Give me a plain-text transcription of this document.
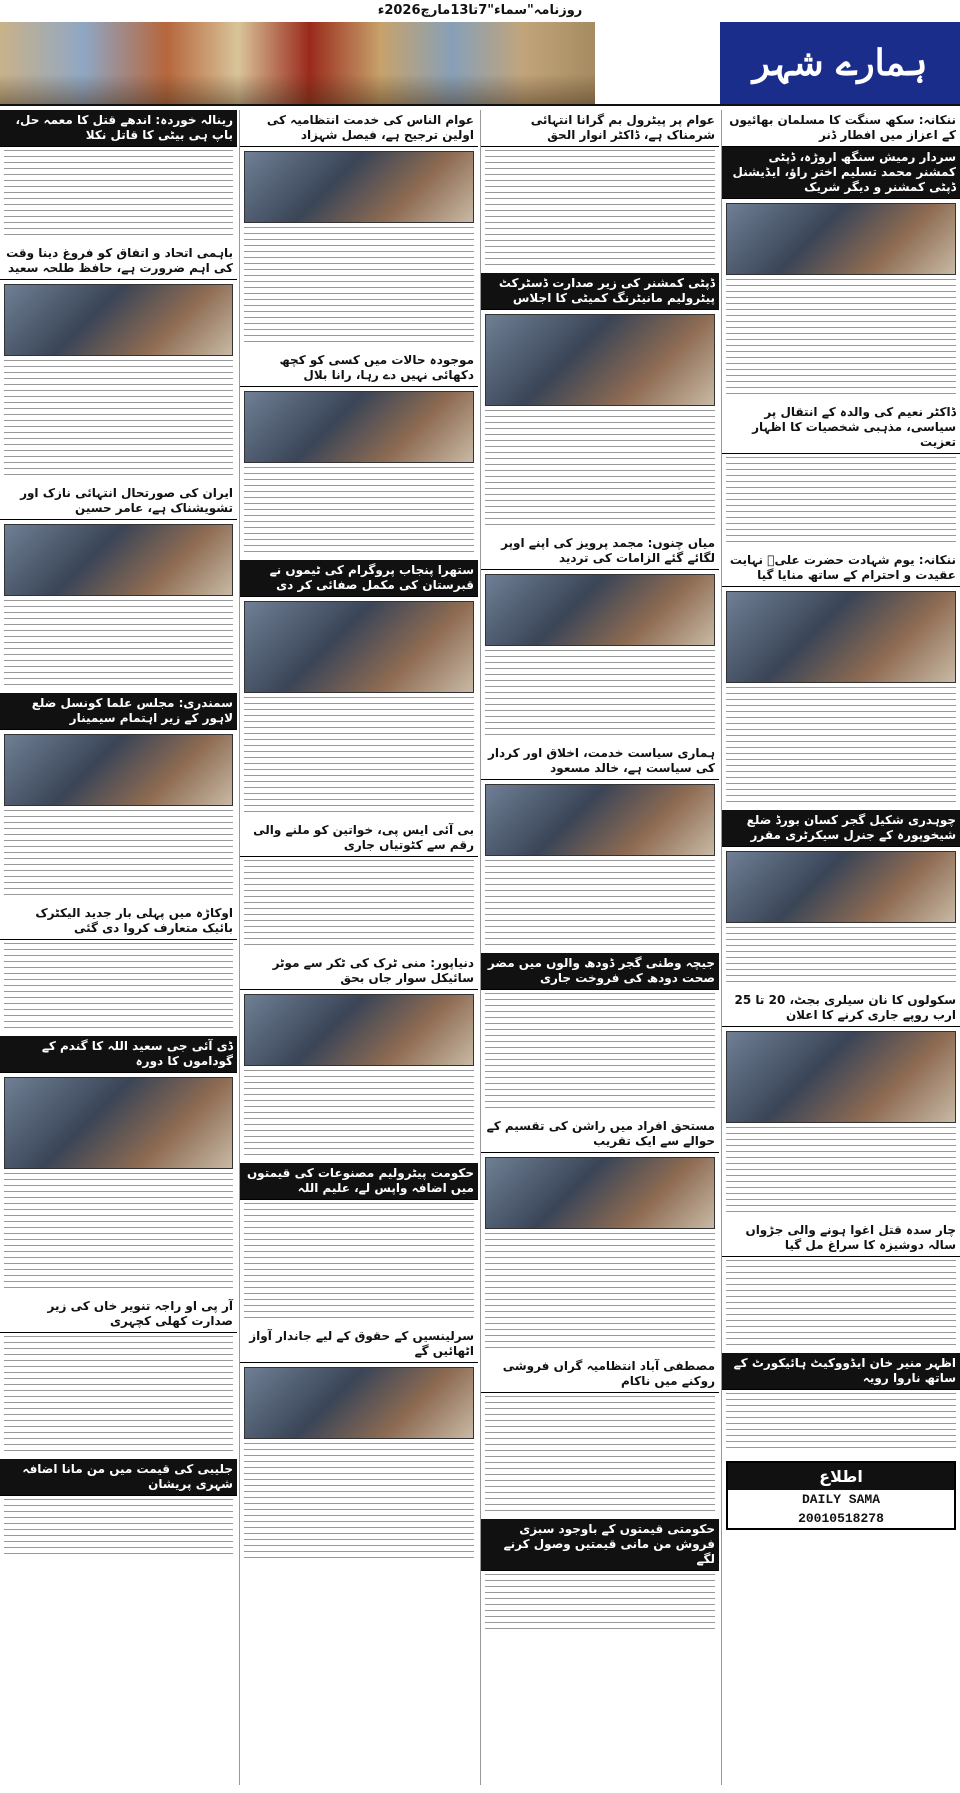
روزنامہ"سماء"7تا13مارچ2026ء
ہمارے شہر
ننکانہ: سکھ سنگت کا مسلمان بھائیوں کے اعزاز میں افطار ڈنر
سردار رمیش سنگھ اروڑہ، ڈپٹی کمشنر محمد تسلیم اختر راؤ، ایڈیشنل ڈپٹی کمشنر و دیگر شریک
ڈاکٹر نعیم کی والدہ کے انتقال پر سیاسی، مذہبی شخصیات کا اظہار تعزیت
ننکانہ: یوم شہادت حضرت علیؓ نہایت عقیدت و احترام کے ساتھ منایا گیا
چوہدری شکیل گجر کسان بورڈ ضلع شیخوپورہ کے جنرل سیکرٹری مقرر
سکولوں کا نان سیلری بجٹ، 20 تا 25 ارب روپے جاری کرنے کا اعلان
چار سدہ قتل اغوا ہونے والی جڑواں سالہ دوشیزہ کا سراغ مل گیا
اظہر منیر خان ایڈووکیٹ ہائیکورٹ کے ساتھ ناروا رویہ
اطلاع
DAILY SAMA
20010518278
عوام پر پیٹرول بم گرانا انتہائی شرمناک ہے، ڈاکٹر انوار الحق
ڈپٹی کمشنر کی زیر صدارت ڈسٹرکٹ پیٹرولیم مانیٹرنگ کمیٹی کا اجلاس
میاں چنوں: مجمد پرویز کی اپنے اوپر لگائے گئے الزامات کی تردید
ہماری سیاست خدمت، اخلاق اور کردار کی سیاست ہے، خالد مسعود
جیچہ وطنی گجر ڈودھ والوں میں مضر صحت دودھ کی فروخت جاری
مستحق افراد میں راشن کی تقسیم کے حوالے سے ایک تقریب
مصطفی آباد انتظامیہ گراں فروشی روکنے میں ناکام
حکومتی قیمتوں کے باوجود سبزی فروش من مانی قیمتیں وصول کرنے لگے
عوام الناس کی خدمت انتظامیہ کی اولین ترجیح ہے، فیصل شہزاد
موجودہ حالات میں کسی کو کچھ دکھائی نہیں دے رہا، رانا بلال
ستھرا پنجاب پروگرام کی ٹیموں نے قبرستان کی مکمل صفائی کر دی
بی آئی ایس پی، خواتین کو ملنے والی رقم سے کٹوتیاں جاری
دنیاپور: منی ٹرک کی ٹکر سے موٹر سائیکل سوار جاں بحق
حکومت پیٹرولیم مصنوعات کی قیمتوں میں اضافہ واپس لے، علیم اللہ
سرلینسیں کے حقوق کے لیے جاندار آواز اٹھائیں گے
رینالہ خوردہ: اندھے قتل کا معمہ حل، باپ ہی بیٹی کا قاتل نکلا
باہمی اتحاد و اتفاق کو فروغ دینا وقت کی اہم ضرورت ہے، حافظ طلحہ سعید
ایران کی صورتحال انتہائی نازک اور تشویشناک ہے، عامر حسین
سمندری: مجلس علما کونسل ضلع لاہور کے زیر اہتمام سیمینار
اوکاڑہ میں پہلی بار جدید الیکٹرک بائیک متعارف کروا دی گئی
ڈی آئی جی سعید اللہ کا گندم کے گوداموں کا دورہ
آر پی او راجہ تنویر خاں کی زیر صدارت کھلی کچہری
جلیبی کی قیمت میں من مانا اضافہ شہری پریشان
